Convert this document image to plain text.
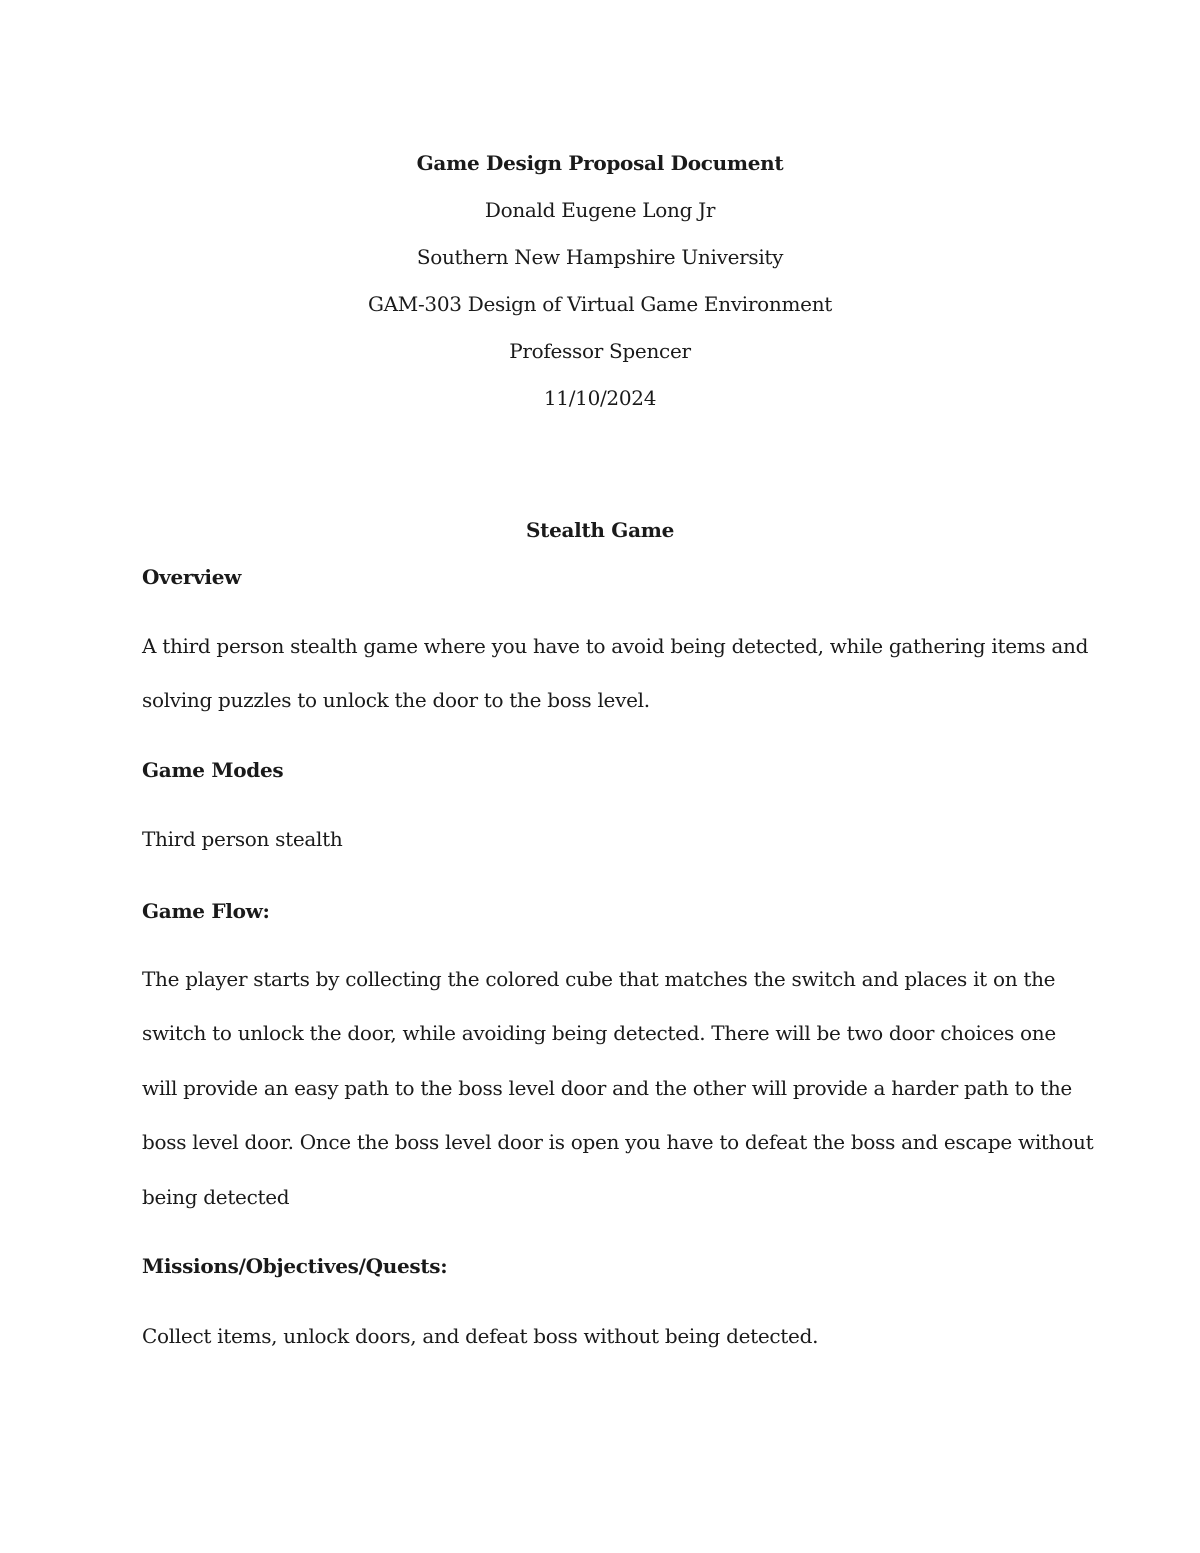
Game Design Proposal Document
Donald Eugene Long Jr
Southern New Hampshire University
GAM-303 Design of Virtual Game Environment
Professor Spencer
11/10/2024
Stealth Game
Overview
A third person stealth game where you have to avoid being detected, while gathering items and
solving puzzles to unlock the door to the boss level.
Game Modes
Third person stealth
Game Flow:
The player starts by collecting the colored cube that matches the switch and places it on the
switch to unlock the door, while avoiding being detected. There will be two door choices one
will provide an easy path to the boss level door and the other will provide a harder path to the
boss level door. Once the boss level door is open you have to defeat the boss and escape without
being detected
Missions/Objectives/Quests:
Collect items, unlock doors, and defeat boss without being detected.
